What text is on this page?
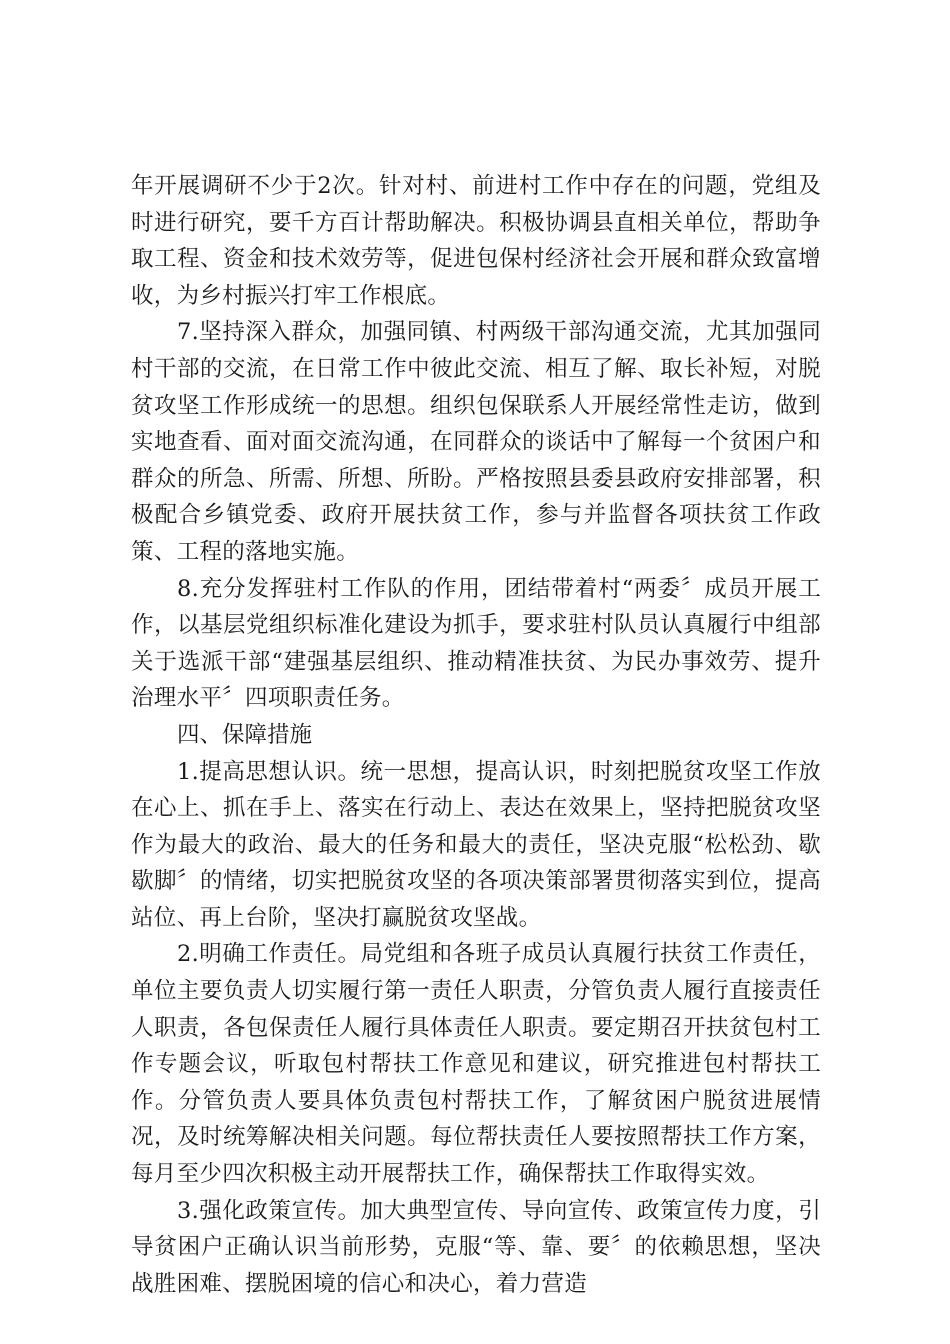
年开展调研不少于2次。针对村、前进村工作中存在的问题，党组及时进行研究，要千方百计帮助解决。积极协调县直相关单位，帮助争取工程、资金和技术效劳等，促进包保村经济社会开展和群众致富增收，为乡村振兴打牢工作根底。

7.坚持深入群众，加强同镇、村两级干部沟通交流，尤其加强同村干部的交流，在日常工作中彼此交流、相互了解、取长补短，对脱贫攻坚工作形成统一的思想。组织包保联系人开展经常性走访，做到实地查看、面对面交流沟通，在同群众的谈话中了解每一个贫困户和群众的所急、所需、所想、所盼。严格按照县委县政府安排部署，积极配合乡镇党委、政府开展扶贫工作，参与并监督各项扶贫工作政策、工程的落地实施。

8.充分发挥驻村工作队的作用，团结带着村“两委〞成员开展工作，以基层党组织标准化建设为抓手，要求驻村队员认真履行中组部关于选派干部“建强基层组织、推动精准扶贫、为民办事效劳、提升治理水平〞四项职责任务。

四、保障措施

1.提高思想认识。统一思想，提高认识，时刻把脱贫攻坚工作放在心上、抓在手上、落实在行动上、表达在效果上，坚持把脱贫攻坚作为最大的政治、最大的任务和最大的责任，坚决克服“松松劲、歇歇脚〞的情绪，切实把脱贫攻坚的各项决策部署贯彻落实到位，提高站位、再上台阶，坚决打赢脱贫攻坚战。

2.明确工作责任。局党组和各班子成员认真履行扶贫工作责任，单位主要负责人切实履行第一责任人职责，分管负责人履行直接责任人职责，各包保责任人履行具体责任人职责。要定期召开扶贫包村工作专题会议，听取包村帮扶工作意见和建议，研究推进包村帮扶工作。分管负责人要具体负责包村帮扶工作，了解贫困户脱贫进展情况，及时统筹解决相关问题。每位帮扶责任人要按照帮扶工作方案，每月至少四次积极主动开展帮扶工作，确保帮扶工作取得实效。

3.强化政策宣传。加大典型宣传、导向宣传、政策宣传力度，引导贫困户正确认识当前形势，克服“等、靠、要〞的依赖思想，坚决战胜困难、摆脱困境的信心和决心，着力营造
